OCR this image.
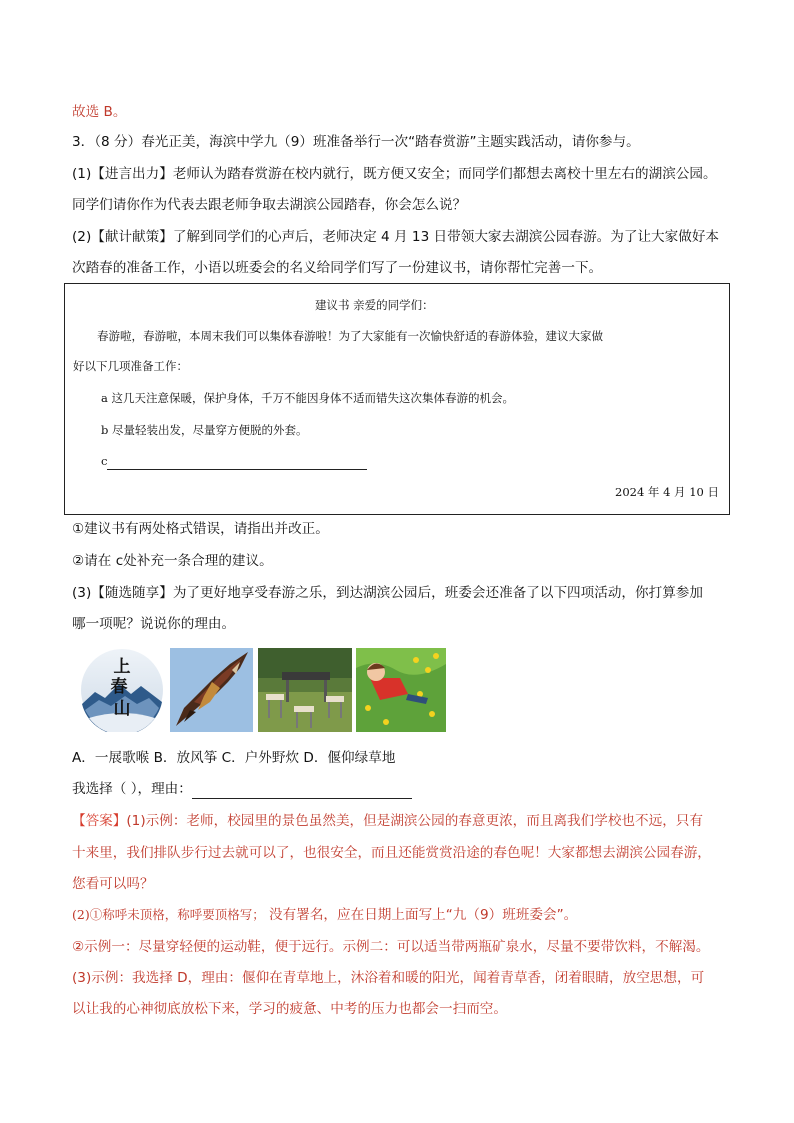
故选 B。
3．（8 分）春光正美，海滨中学九（9）班准备举行一次“踏春赏游”主题实践活动，请你参与。
(1)【进言出力】老师认为踏春赏游在校内就行，既方便又安全；而同学们都想去离校十里左右的湖滨公园。
同学们请你作为代表去跟老师争取去湖滨公园踏春，你会怎么说？
(2)【献计献策】了解到同学们的心声后，老师决定 4 月 13 日带领大家去湖滨公园春游。为了让大家做好本
次踏春的准备工作，小语以班委会的名义给同学们写了一份建议书，请你帮忙完善一下。
建议书 亲爱的同学们：
春游啦，春游啦，本周末我们可以集体春游啦！为了大家能有一次愉快舒适的春游体验，建议大家做
好以下几项准备工作：
a 这几天注意保暖，保护身体，千万不能因身体不适而错失这次集体春游的机会。
b 尽量轻装出发，尽量穿方便脱的外套。
c
2024 年 4 月 10 日
①建议书有两处格式错误，请指出并改正。
②请在 c处补充一条合理的建议。
(3)【随选随享】为了更好地享受春游之乐，到达湖滨公园后，班委会还准备了以下四项活动，你打算参加
哪一项呢？说说你的理由。
上
春
山
A．一展歌喉 B．放风筝 C．户外野炊 D．偃仰绿草地
我选择（ ），理由：
【答案】(1)示例：老师，校园里的景色虽然美，但是湖滨公园的春意更浓，而且离我们学校也不远，只有
十来里，我们排队步行过去就可以了，也很安全，而且还能赏赏沿途的春色呢！大家都想去湖滨公园春游，
您看可以吗？
(2)①称呼未顶格，称呼要顶格写； 没有署名，应在日期上面写上“九（9）班班委会”。
②示例一：尽量穿轻便的运动鞋，便于远行。示例二：可以适当带两瓶矿泉水，尽量不要带饮料，不解渴。
(3)示例：我选择 D，理由：偃仰在青草地上，沐浴着和暖的阳光，闻着青草香，闭着眼睛，放空思想，可
以让我的心神彻底放松下来，学习的疲惫、中考的压力也都会一扫而空。
